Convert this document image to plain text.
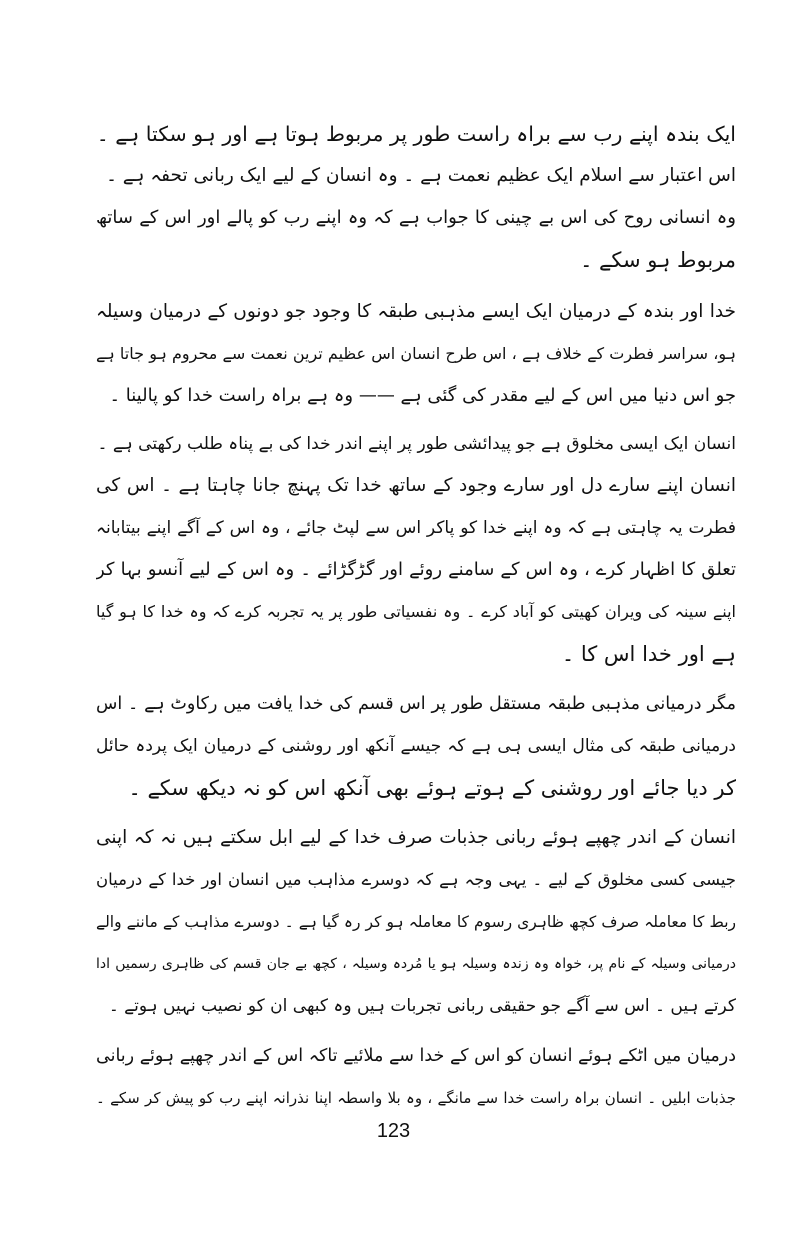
ایک بندہ اپنے رب سے براہ راست طور پر مربوط ہوتا ہے اور ہو سکتا ہے ۔
اس اعتبار سے اسلام ایک عظیم نعمت ہے ۔ وہ انسان کے لیے ایک ربانی تحفہ ہے ۔
وہ انسانی روح کی اس بے چینی کا جواب ہے کہ وہ اپنے رب کو پالے اور اس کے ساتھ
مربوط ہو سکے ۔
خدا اور بندہ کے درمیان ایک ایسے مذہبی طبقہ کا وجود جو دونوں کے درمیان وسیلہ
ہو، سراسر فطرت کے خلاف ہے ، اس طرح انسان اس عظیم ترین نعمت سے محروم ہو جاتا ہے
جو اس دنیا میں اس کے لیے مقدر کی گئی ہے —— وہ ہے براہ راست خدا کو پالینا ۔
انسان ایک ایسی مخلوق ہے جو پیدائشی طور پر اپنے اندر خدا کی بے پناہ طلب رکھتی ہے ۔
انسان اپنے سارے دل اور سارے وجود کے ساتھ خدا تک پہنچ جانا چاہتا ہے ۔ اس کی
فطرت یہ چاہتی ہے کہ وہ اپنے خدا کو پاکر اس سے لپٹ جائے ، وہ اس کے آگے اپنے بیتابانہ
تعلق کا اظہار کرے ، وہ اس کے سامنے روئے اور گڑگڑائے ۔ وہ اس کے لیے آنسو بہا کر
اپنے سینہ کی ویران کھیتی کو آباد کرے ۔ وہ نفسیاتی طور پر یہ تجربہ کرے کہ وہ خدا کا ہو گیا
ہے اور خدا اس کا ۔
مگر درمیانی مذہبی طبقہ مستقل طور پر اس قسم کی خدا یافت میں رکاوٹ ہے ۔ اس
درمیانی طبقہ کی مثال ایسی ہی ہے کہ جیسے آنکھ اور روشنی کے درمیان ایک پردہ حائل
کر دیا جائے اور روشنی کے ہوتے ہوئے بھی آنکھ اس کو نہ دیکھ سکے ۔
انسان کے اندر چھپے ہوئے ربانی جذبات صرف خدا کے لیے ابل سکتے ہیں نہ کہ اپنی
جیسی کسی مخلوق کے لیے ۔ یہی وجہ ہے کہ دوسرے مذاہب میں انسان اور خدا کے درمیان
ربط کا معاملہ صرف کچھ ظاہری رسوم کا معاملہ ہو کر رہ گیا ہے ۔ دوسرے مذاہب کے ماننے والے
درمیانی وسیلہ کے نام پر، خواہ وہ زندہ وسیلہ ہو یا مُردہ وسیلہ ، کچھ بے جان قسم کی ظاہری رسمیں ادا
کرتے ہیں ۔ اس سے آگے جو حقیقی ربانی تجربات ہیں وہ کبھی ان کو نصیب نہیں ہوتے ۔
درمیان میں اٹکے ہوئے انسان کو اس کے خدا سے ملائیے تاکہ اس کے اندر چھپے ہوئے ربانی
جذبات ابلیں ۔ انسان براہ راست خدا سے مانگے ، وہ بلا واسطہ اپنا نذرانہ اپنے رب کو پیش کر سکے ۔
123
